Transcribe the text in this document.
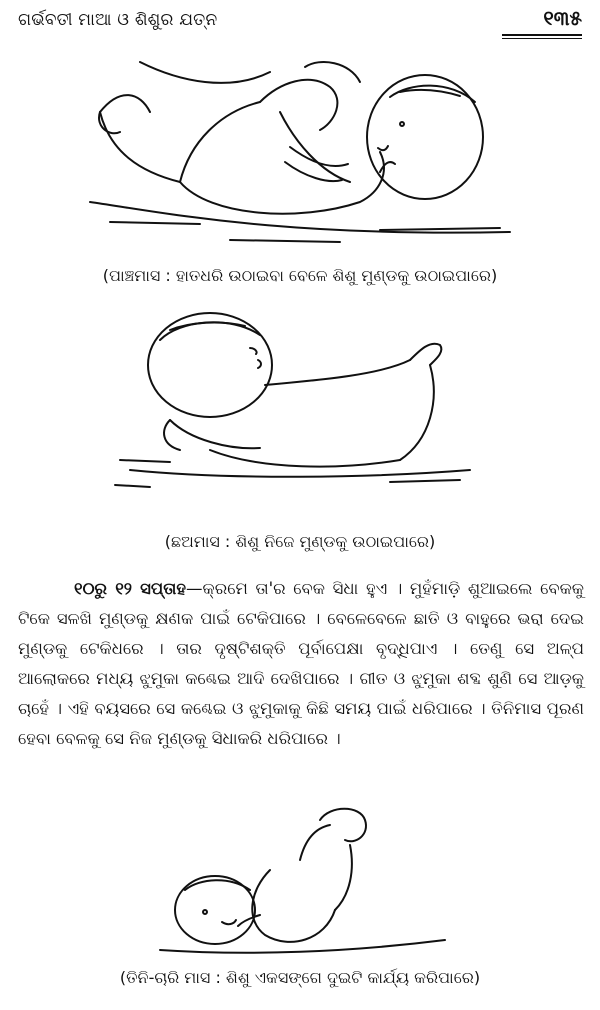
ଗର୍ଭବତୀ ମାଆ ଓ ଶିଶୁର ଯତ୍ନ	୧୩୫
(ପାଞ୍ଚମାସ : ହାତଧରି ଉଠାଇବା ବେଳେ ଶିଶୁ ମୁଣ୍ଡକୁ ଉଠାଇପାରେ)
(ଛଅମାସ : ଶିଶୁ ନିଜେ ମୁଣ୍ଡକୁ ଉଠାଇପାରେ)

୧୦ରୁ ୧୨ ସପ୍ତାହ—କ୍ରମେ ତା'ର ବେକ ସିଧା ହୁଏ । ମୁହଁମାଡ଼ି ଶୁଆଇଲେ ବେକକୁ ଟିକେ ସଳଖି ମୁଣ୍ଡକୁ କ୍ଷଣକ ପାଇଁ ଟେକିପାରେ । ବେଳେବେଳେ ଛାତି ଓ ବାହୁରେ ଭରା ଦେଇ ମୁଣ୍ଡକୁ ଟେକିଧରେ । ତାର ଦୃଷ୍ଟିଶକ୍ତି ପୂର୍ବାପେକ୍ଷା ବୃଦ୍ଧିପାଏ । ତେଣୁ ସେ ଅଳ୍ପ ଆଲୋକରେ ମଧ୍ୟ ଝୁମୁକା କଣ୍ଢେଇ ଆଦି ଦେଖିପାରେ । ଗୀତ ଓ ଝୁମୁକା ଶବ୍ଦ ଶୁଣି ସେ ଆଡ଼କୁ ଚାହେଁ । ଏହି ବୟସରେ ସେ କଣ୍ଢେଇ ଓ ଝୁମୁକାକୁ କିଛି ସମୟ ପାଇଁ ଧରିପାରେ । ତିନିମାସ ପୂରଣ ହେବା ବେଳକୁ ସେ ନିଜ ମୁଣ୍ଡକୁ ସିଧାକରି ଧରିପାରେ ।

(ତିନି-ଚାରି ମାସ : ଶିଶୁ ଏକସଙ୍ଗେ ଦୁଇଟି କାର୍ଯ୍ୟ କରିପାରେ)
